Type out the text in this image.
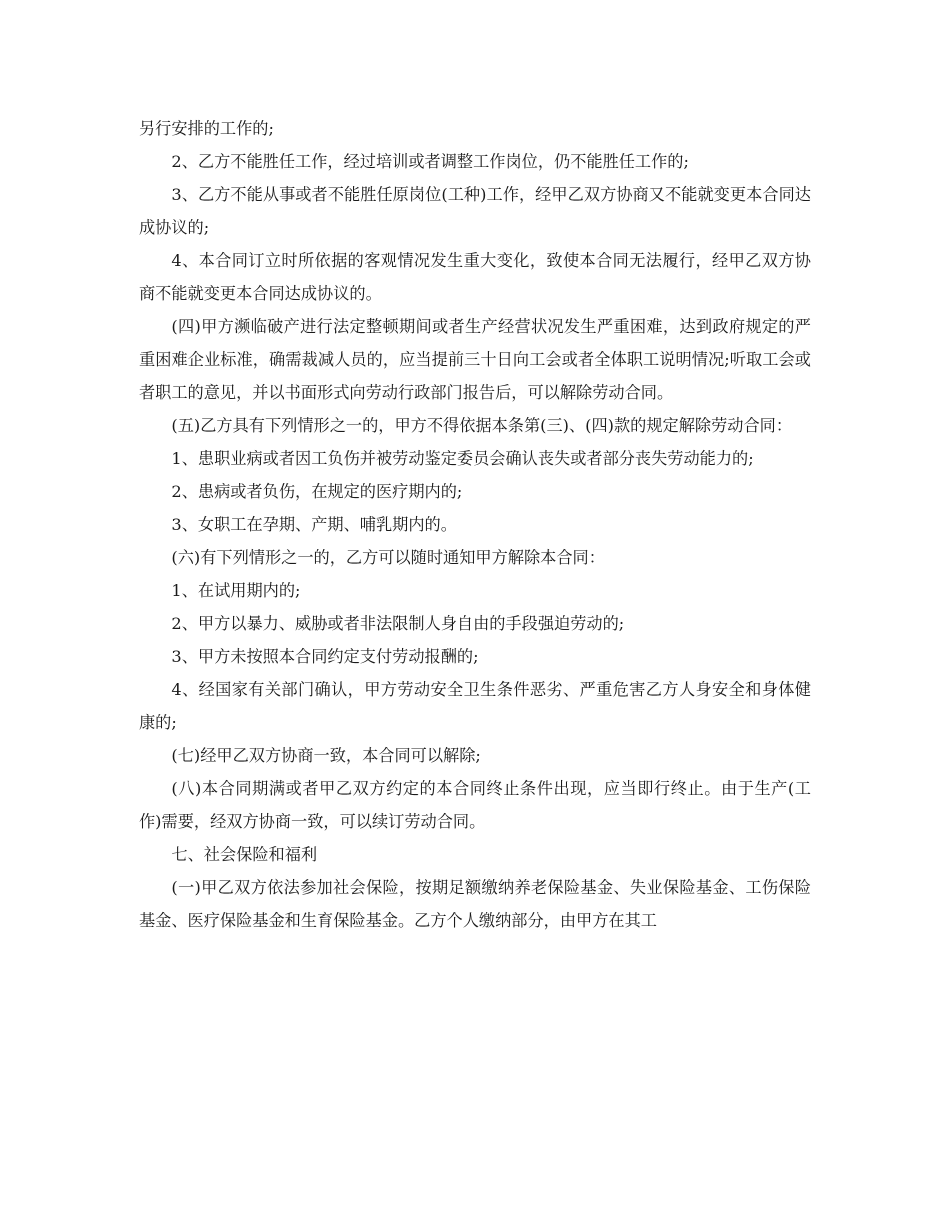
另行安排的工作的;

2、乙方不能胜任工作，经过培训或者调整工作岗位，仍不能胜任工作的;

3、乙方不能从事或者不能胜任原岗位(工种)工作，经甲乙双方协商又不能就变更本合同达成协议的;

4、本合同订立时所依据的客观情况发生重大变化，致使本合同无法履行，经甲乙双方协商不能就变更本合同达成协议的。

(四)甲方濒临破产进行法定整顿期间或者生产经营状况发生严重困难，达到政府规定的严重困难企业标准，确需裁减人员的，应当提前三十日向工会或者全体职工说明情况;听取工会或者职工的意见，并以书面形式向劳动行政部门报告后，可以解除劳动合同。

(五)乙方具有下列情形之一的，甲方不得依据本条第(三)、(四)款的规定解除劳动合同：

1、患职业病或者因工负伤并被劳动鉴定委员会确认丧失或者部分丧失劳动能力的;

2、患病或者负伤，在规定的医疗期内的;

3、女职工在孕期、产期、哺乳期内的。

(六)有下列情形之一的，乙方可以随时通知甲方解除本合同：

1、在试用期内的;

2、甲方以暴力、威胁或者非法限制人身自由的手段强迫劳动的;

3、甲方未按照本合同约定支付劳动报酬的;

4、经国家有关部门确认，甲方劳动安全卫生条件恶劣、严重危害乙方人身安全和身体健康的;

(七)经甲乙双方协商一致，本合同可以解除;

(八)本合同期满或者甲乙双方约定的本合同终止条件出现，应当即行终止。由于生产(工作)需要，经双方协商一致，可以续订劳动合同。

七、社会保险和福利

(一)甲乙双方依法参加社会保险，按期足额缴纳养老保险基金、失业保险基金、工伤保险基金、医疗保险基金和生育保险基金。乙方个人缴纳部分，由甲方在其工
